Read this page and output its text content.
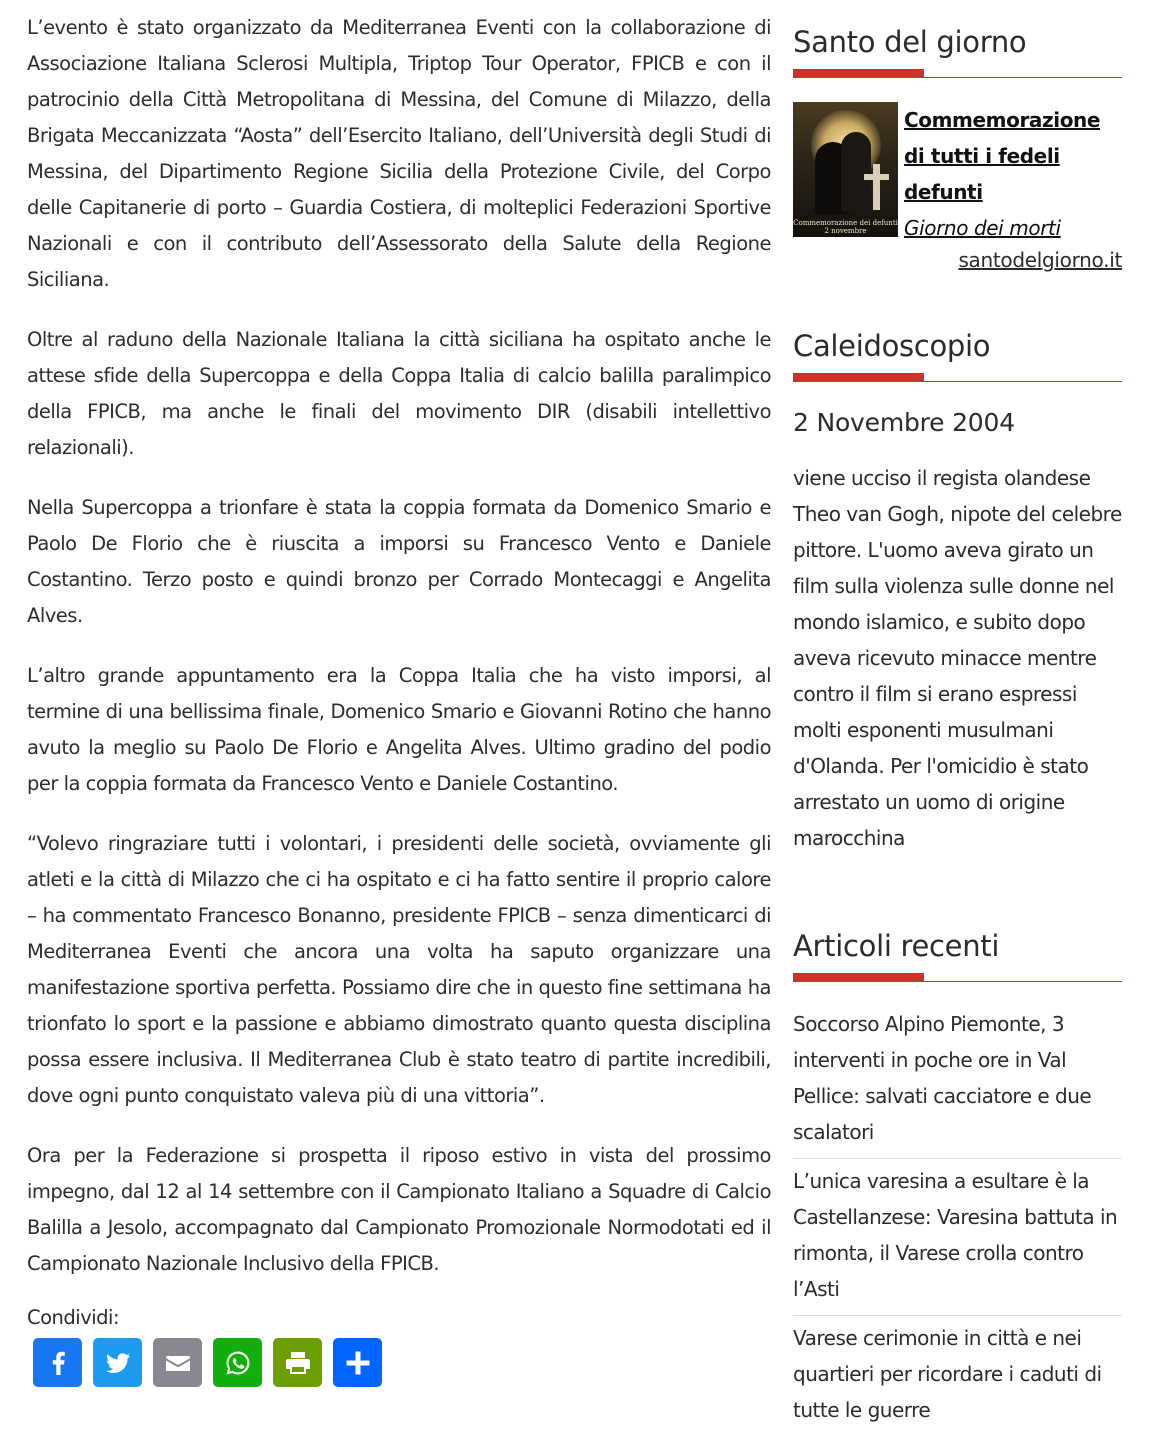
L’evento è stato organizzato da Mediterranea Eventi con la collaborazione di Associazione Italiana Sclerosi Multipla, Triptop Tour Operator, FPICB e con il patrocinio della Città Metropolitana di Messina, del Comune di Milazzo, della Brigata Meccanizzata “Aosta” dell’Esercito Italiano, dell’Università degli Studi di Messina, del Dipartimento Regione Sicilia della Protezione Civile, del Corpo delle Capitanerie di porto – Guardia Costiera, di molteplici Federazioni Sportive Nazionali e con il contributo dell’Assessorato della Salute della Regione Siciliana.

Oltre al raduno della Nazionale Italiana la città siciliana ha ospitato anche le attese sfide della Supercoppa e della Coppa Italia di calcio balilla paralimpico della FPICB, ma anche le finali del movimento DIR (disabili intellettivo relazionali).

Nella Supercoppa a trionfare è stata la coppia formata da Domenico Smario e Paolo De Florio che è riuscita a imporsi su Francesco Vento e Daniele Costantino. Terzo posto e quindi bronzo per Corrado Montecaggi e Angelita Alves.

L’altro grande appuntamento era la Coppa Italia che ha visto imporsi, al termine di una bellissima finale, Domenico Smario e Giovanni Rotino che hanno avuto la meglio su Paolo De Florio e Angelita Alves. Ultimo gradino del podio per la coppia formata da Francesco Vento e Daniele Costantino.

“Volevo ringraziare tutti i volontari, i presidenti delle società, ovviamente gli atleti e la città di Milazzo che ci ha ospitato e ci ha fatto sentire il proprio calore – ha commentato Francesco Bonanno, presidente FPICB – senza dimenticarci di Mediterranea Eventi che ancora una volta ha saputo organizzare una manifestazione sportiva perfetta. Possiamo dire che in questo fine settimana ha trionfato lo sport e la passione e abbiamo dimostrato quanto questa disciplina possa essere inclusiva. Il Mediterranea Club è stato teatro di partite incredibili, dove ogni punto conquistato valeva più di una vittoria”.

Ora per la Federazione si prospetta il riposo estivo in vista del prossimo impegno, dal 12 al 14 settembre con il Campionato Italiano a Squadre di Calcio Balilla a Jesolo, accompagnato dal Campionato Promozionale Normodotati ed il Campionato Nazionale Inclusivo della FPICB.

Condividi:
Santo del giorno
Commemorazione dei defunti 2 novembre
Commemorazione di tutti i fedeli defunti
Giorno dei morti
santodelgiorno.it
Caleidoscopio
2 Novembre 2004

viene ucciso il regista olandese Theo van Gogh, nipote del celebre pittore. L'uomo aveva girato un film sulla violenza sulle donne nel mondo islamico, e subito dopo aveva ricevuto minacce mentre contro il film si erano espressi molti esponenti musulmani d'Olanda. Per l'omicidio è stato arrestato un uomo di origine marocchina

Articoli recenti
Soccorso Alpino Piemonte, 3 interventi in poche ore in Val Pellice: salvati cacciatore e due scalatori
L’unica varesina a esultare è la Castellanzese: Varesina battuta in rimonta, il Varese crolla contro l’Asti
Varese cerimonie in città e nei quartieri per ricordare i caduti di tutte le guerre
